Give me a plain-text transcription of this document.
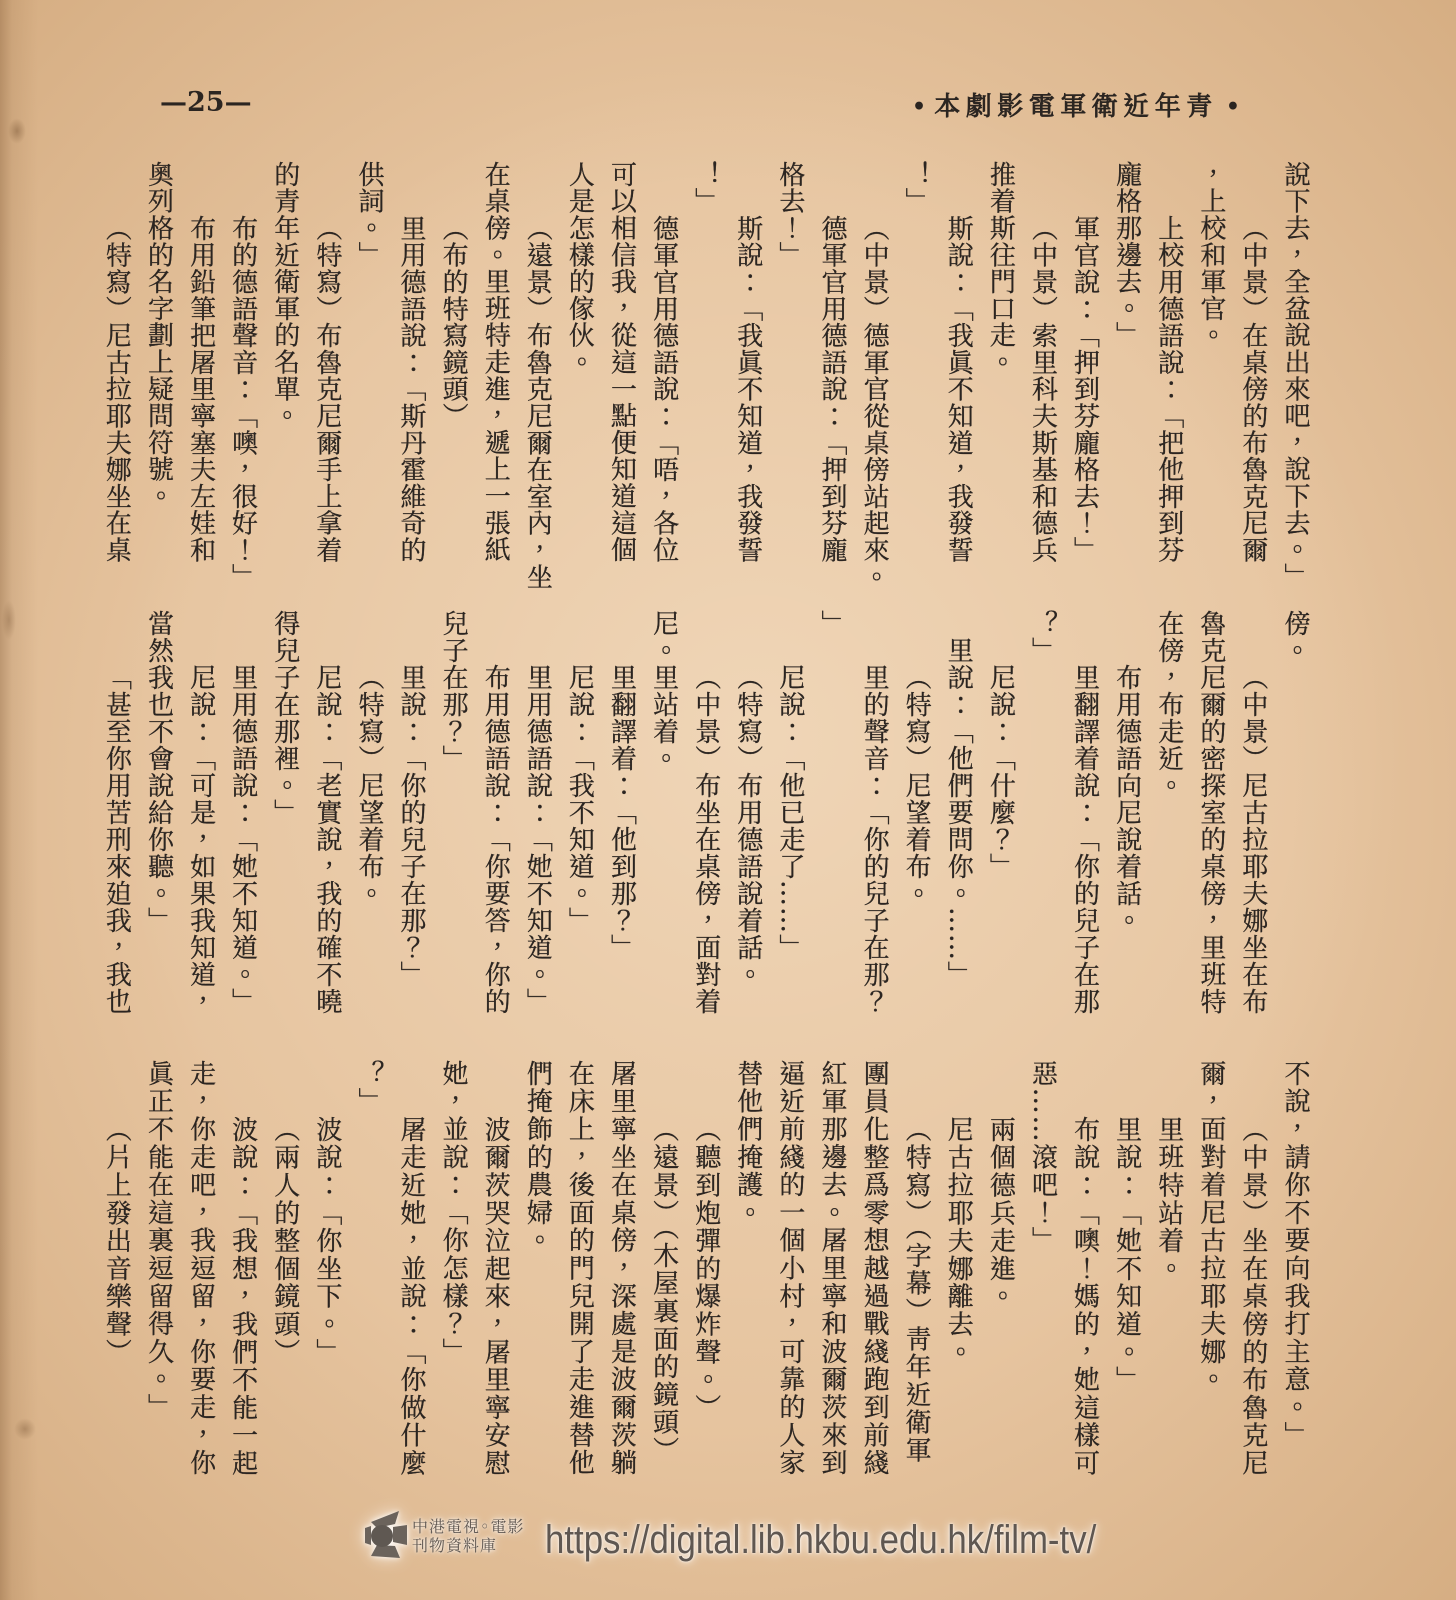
—25—	• 青年近衛軍電影劇本 •
說下去，全盆說出來吧，說下去。」
（中景）在桌傍的布魯克尼爾
，上校和軍官。
上校用德語說：「把他押到芬
龐格那邊去。」
軍官說：「押到芬龐格去！」
（中景）索里科夫斯基和德兵
推着斯往門口走。
斯說：「我眞不知道，我發誓
！」
（中景）德軍官從桌傍站起來。
德軍官用德語說：「押到芬龐
格去！」
斯說：「我眞不知道，我發誓
！」
德軍官用德語說：「唔，各位
可以相信我，從這一點便知道這個
人是怎樣的傢伙。
（遠景）布魯克尼爾在室內，坐
在桌傍。里班特走進，遞上一張紙
（布的特寫鏡頭）
里用德語說：「斯丹霍維奇的
供詞。」
（特寫）布魯克尼爾手上拿着
的青年近衛軍的名單。
布的德語聲音：「噢，很好！」
布用鉛筆把屠里寧塞夫左娃和
奧列格的名字劃上疑問符號。
（特寫）尼古拉耶夫娜坐在桌
傍。
（中景）尼古拉耶夫娜坐在布
魯克尼爾的密探室的桌傍，里班特
在傍，布走近。
布用德語向尼說着話。
里翻譯着說：「你的兒子在那
？」
尼說：「什麼？」
里說：「他們要問你。……」
（特寫）尼望着布。
里的聲音：「你的兒子在那？
」
尼說：「他已走了……」
（特寫）布用德語說着話。
（中景）布坐在桌傍，面對着
尼。里站着。
里翻譯着：「他到那？」
尼說：「我不知道。」
里用德語說：「她不知道。」
布用德語說：「你要答，你的
兒子在那？」
里說：「你的兒子在那？」
（特寫）尼望着布。
尼說：「老實說，我的確不曉
得兒子在那裡。」
里用德語說：「她不知道。」
尼說：「可是，如果我知道，
當然我也不會說給你聽。」
「甚至你用苦刑來廹我，我也
不說，請你不要向我打主意。」
（中景）坐在桌傍的布魯克尼
爾，面對着尼古拉耶夫娜。
里班特站着。
里說：「她不知道。」
布說：「噢！媽的，她這樣可
惡……滾吧！」
兩個德兵走進。
尼古拉耶夫娜離去。
（特寫）（字幕）靑年近衛軍
團員化整爲零想越過戰綫跑到前綫
紅軍那邊去。屠里寧和波爾茨來到
逼近前綫的一個小村，可靠的人家
替他們掩護。
（聽到炮彈的爆炸聲。）
（遠景）（木屋裏面的鏡頭）
屠里寧坐在桌傍，深處是波爾茨躺
在床上，後面的門兒開了走進替他
們掩飾的農婦。
波爾茨哭泣起來，屠里寧安慰
她，並說：「你怎樣？」
屠走近她，並說：「你做什麼
？」
波說：「你坐下。」
（兩人的整個鏡頭）
波說：「我想，我們不能一起
走，你走吧，我逗留，你要走，你
眞正不能在這裏逗留得久。」
（片上發出音樂聲）
中港電視◦電影
刊物資料庫	https://digital.lib.hkbu.edu.hk/film-tv/
